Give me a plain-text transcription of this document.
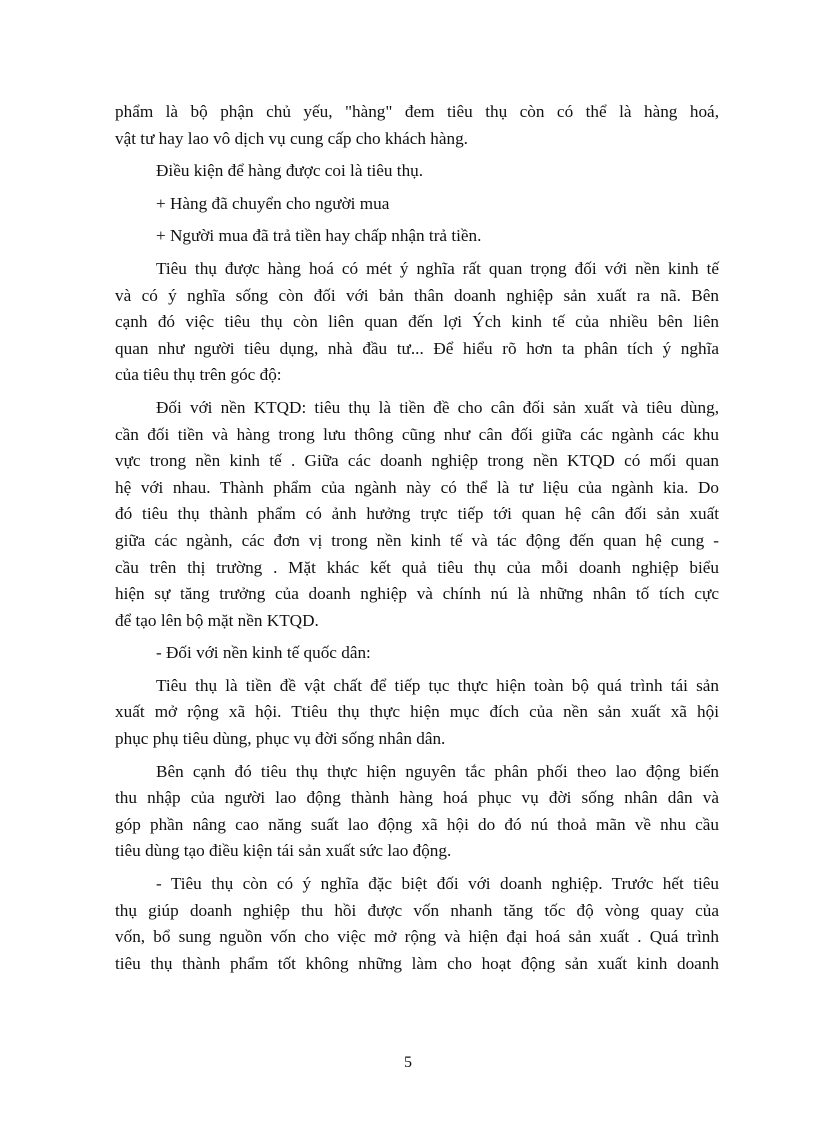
phẩm là bộ phận chủ yếu, "hàng" đem tiêu thụ còn có thể là hàng hoá,

vật tư hay lao vô dịch vụ cung cấp cho khách hàng.

Điều kiện để hàng được coi là tiêu thụ.

+ Hàng đã chuyển cho người mua

+ Người mua đã trả tiền hay chấp nhận trả tiền.

Tiêu thụ được hàng hoá có mét ý nghĩa rất quan trọng đối với nền kinh tế

và có ý nghĩa sống còn đối với bản thân doanh nghiệp sản xuất ra nã. Bên

cạnh đó việc tiêu thụ còn liên quan đến lợi Ých kinh tế của nhiều bên liên

quan như người tiêu dụng, nhà đầu tư... Để hiểu rõ hơn ta phân tích ý nghĩa

của tiêu thụ trên góc độ:

Đối với nền KTQD: tiêu thụ là tiền đề cho cân đối sản xuất và tiêu dùng,

cần đối tiền và hàng trong lưu thông cũng như cân đối giữa các ngành các khu

vực trong nền kinh tế . Giữa các doanh nghiệp trong nền KTQD có mối quan

hệ với nhau. Thành phẩm của ngành này có thể là tư liệu của ngành kia. Do

đó tiêu thụ thành phẩm có ảnh hưởng trực tiếp tới quan hệ cân đối sản xuất

giữa các ngành, các đơn vị trong nền kinh tế và tác động đến quan hệ cung -

cầu trên thị trường . Mặt khác kết quả tiêu thụ của mỗi doanh nghiệp biểu

hiện sự tăng trưởng của doanh nghiệp và chính nú là những nhân tố tích cực

để tạo lên bộ mặt nền KTQD.

- Đối với nền kinh tế quốc dân:

Tiêu thụ là tiền đề vật chất để tiếp tục thực hiện toàn bộ quá trình tái sản

xuất mở rộng xã hội. Ttiêu thụ thực hiện mục đích của nền sản xuất xã hội

phục phụ tiêu dùng, phục vụ đời sống nhân dân.

Bên cạnh đó tiêu thụ thực hiện nguyên tắc phân phối theo lao động biến

thu nhập của người lao động thành hàng hoá phục vụ đời sống nhân dân và

góp phần nâng cao năng suất lao động xã hội do đó nú thoả mãn về nhu cầu

tiêu dùng tạo điều kiện tái sản xuất sức lao động.

- Tiêu thụ còn có ý nghĩa đặc biệt đối với doanh nghiệp. Trước hết tiêu

thụ giúp doanh nghiệp thu hồi được vốn nhanh tăng tốc độ vòng quay của

vốn, bổ sung nguồn vốn cho việc mở rộng và hiện đại hoá sản xuất . Quá trình

tiêu thụ thành phẩm tốt không những làm cho hoạt động sản xuất kinh doanh

5
